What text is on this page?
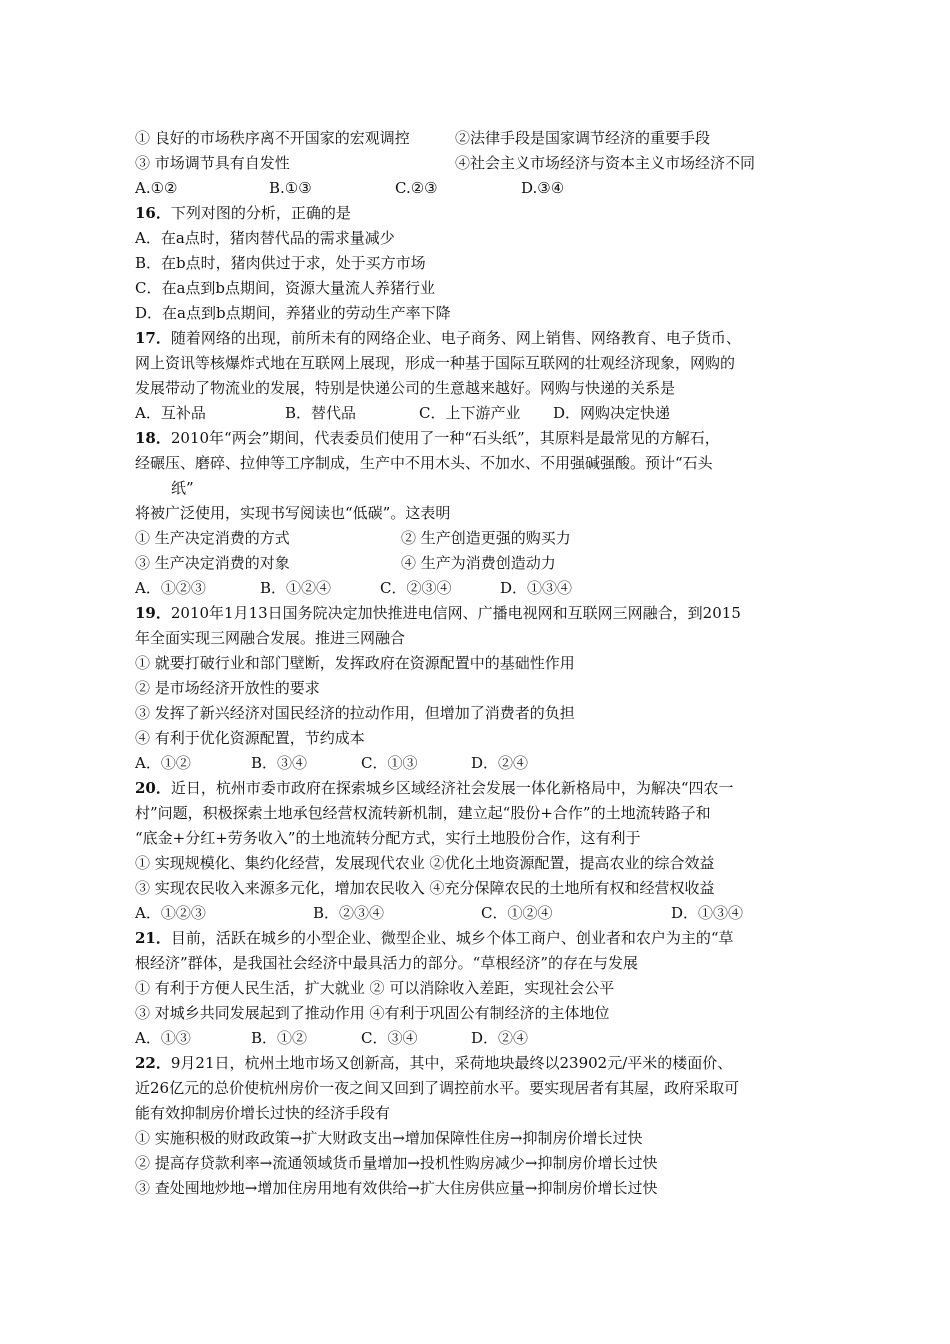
① 良好的市场秩序离不开国家的宏观调控	②法律手段是国家调节经济的重要手段
③ 市场调节具有自发性	④社会主义市场经济与资本主义市场经济不同
A.①②	B.①③	C.②③	D.③④
16．下列对图的分析，正确的是
A．在a点时，猪肉替代品的需求量减少
B．在b点时，猪肉供过于求，处于买方市场
C．在a点到b点期间，资源大量流人养猪行业
D．在a点到b点期间，养猪业的劳动生产率下降
17．随着网络的出现，前所未有的网络企业、电子商务、网上销售、网络教育、电子货币、
网上资讯等核爆炸式地在互联网上展现，形成一种基于国际互联网的壮观经济现象，网购的
发展带动了物流业的发展，特别是快递公司的生意越来越好。网购与快递的关系是
A．互补品	B．替代品	C．上下游产业 D．网购决定快递
18．2010年“两会”期间，代表委员们使用了一种“石头纸”，其原料是最常见的方解石，
经碾压、磨碎、拉伸等工序制成，生产中不用木头、不加水、不用强碱强酸。预计“石头
纸”
将被广泛使用，实现书写阅读也“低碳”。这表明
① 生产决定消费的方式	② 生产创造更强的购买力
③ 生产决定消费的对象	④ 生产为消费创造动力
A．①②③	B．①②④	C．②③④	D．①③④
19．2010年1月13日国务院决定加快推进电信网、广播电视网和互联网三网融合，到2015
年全面实现三网融合发展。推进三网融合
① 就要打破行业和部门壁断，发挥政府在资源配置中的基础性作用
② 是市场经济开放性的要求
③ 发挥了新兴经济对国民经济的拉动作用，但增加了消费者的负担
④ 有利于优化资源配置，节约成本
A．①②	B．③④	C．①③	D．②④
20．近日，杭州市委市政府在探索城乡区域经济社会发展一体化新格局中，为解决“四农一
村”问题，积极探索土地承包经营权流转新机制，建立起“股份+合作”的土地流转路子和
“底金+分红+劳务收入”的土地流转分配方式，实行土地股份合作，这有利于
① 实现规模化、集约化经营，发展现代农业 ②优化土地资源配置，提高农业的综合效益
③ 实现农民收入来源多元化，增加农民收入 ④充分保障农民的土地所有权和经营权收益
A．①②③	B．②③④	C．①②④	D．①③④
21．目前，活跃在城乡的小型企业、微型企业、城乡个体工商户、创业者和农户为主的“草
根经济”群体，是我国社会经济中最具活力的部分。“草根经济”的存在与发展
① 有利于方便人民生活，扩大就业 ② 可以消除收入差距，实现社会公平
③ 对城乡共同发展起到了推动作用 ④有利于巩固公有制经济的主体地位
A．①③	B．①②	C．③④	D．②④
22．9月21日，杭州土地市场又创新高，其中，采荷地块最终以23902元/平米的楼面价、
近26亿元的总价使杭州房价一夜之间又回到了调控前水平。要实现居者有其屋，政府采取可
能有效抑制房价增长过快的经济手段有
① 实施积极的财政政策→扩大财政支出→增加保障性住房→抑制房价增长过快
② 提高存贷款利率→流通领域货币量增加→投机性购房减少→抑制房价增长过快
③ 查处囤地炒地→增加住房用地有效供给→扩大住房供应量→抑制房价增长过快
